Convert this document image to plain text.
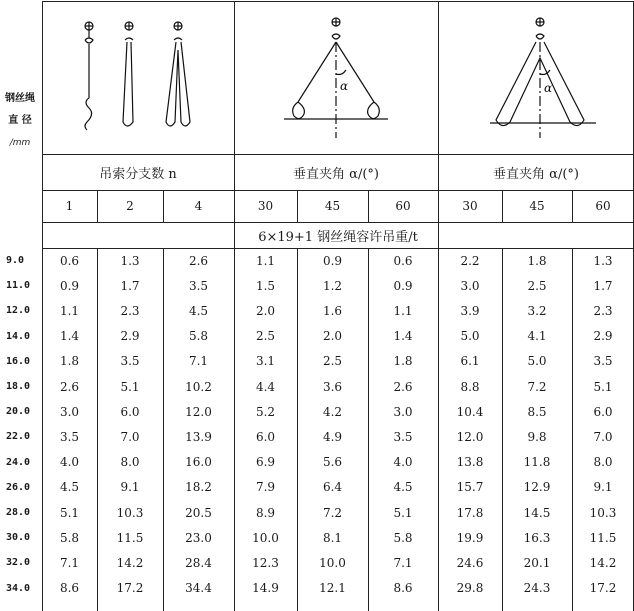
钢丝绳
直 径
/mm
α	α
吊索分支数 n	垂直夹角 α/(°)	垂直夹角 α/(°)
1	2	4	30	45	60	30	45	60
6×19+1 钢丝绳容许吊重/t
9.0	0.6	1.3	2.6	1.1	0.9	0.6	2.2	1.8	1.3
11.0	0.9	1.7	3.5	1.5	1.2	0.9	3.0	2.5	1.7
12.0	1.1	2.3	4.5	2.0	1.6	1.1	3.9	3.2	2.3
14.0	1.4	2.9	5.8	2.5	2.0	1.4	5.0	4.1	2.9
16.0	1.8	3.5	7.1	3.1	2.5	1.8	6.1	5.0	3.5
18.0	2.6	5.1	10.2	4.4	3.6	2.6	8.8	7.2	5.1
20.0	3.0	6.0	12.0	5.2	4.2	3.0	10.4	8.5	6.0
22.0	3.5	7.0	13.9	6.0	4.9	3.5	12.0	9.8	7.0
24.0	4.0	8.0	16.0	6.9	5.6	4.0	13.8	11.8	8.0
26.0	4.5	9.1	18.2	7.9	6.4	4.5	15.7	12.9	9.1
28.0	5.1	10.3	20.5	8.9	7.2	5.1	17.8	14.5	10.3
30.0	5.8	11.5	23.0	10.0	8.1	5.8	19.9	16.3	11.5
32.0	7.1	14.2	28.4	12.3	10.0	7.1	24.6	20.1	14.2
34.0	8.6	17.2	34.4	14.9	12.1	8.6	29.8	24.3	17.2
